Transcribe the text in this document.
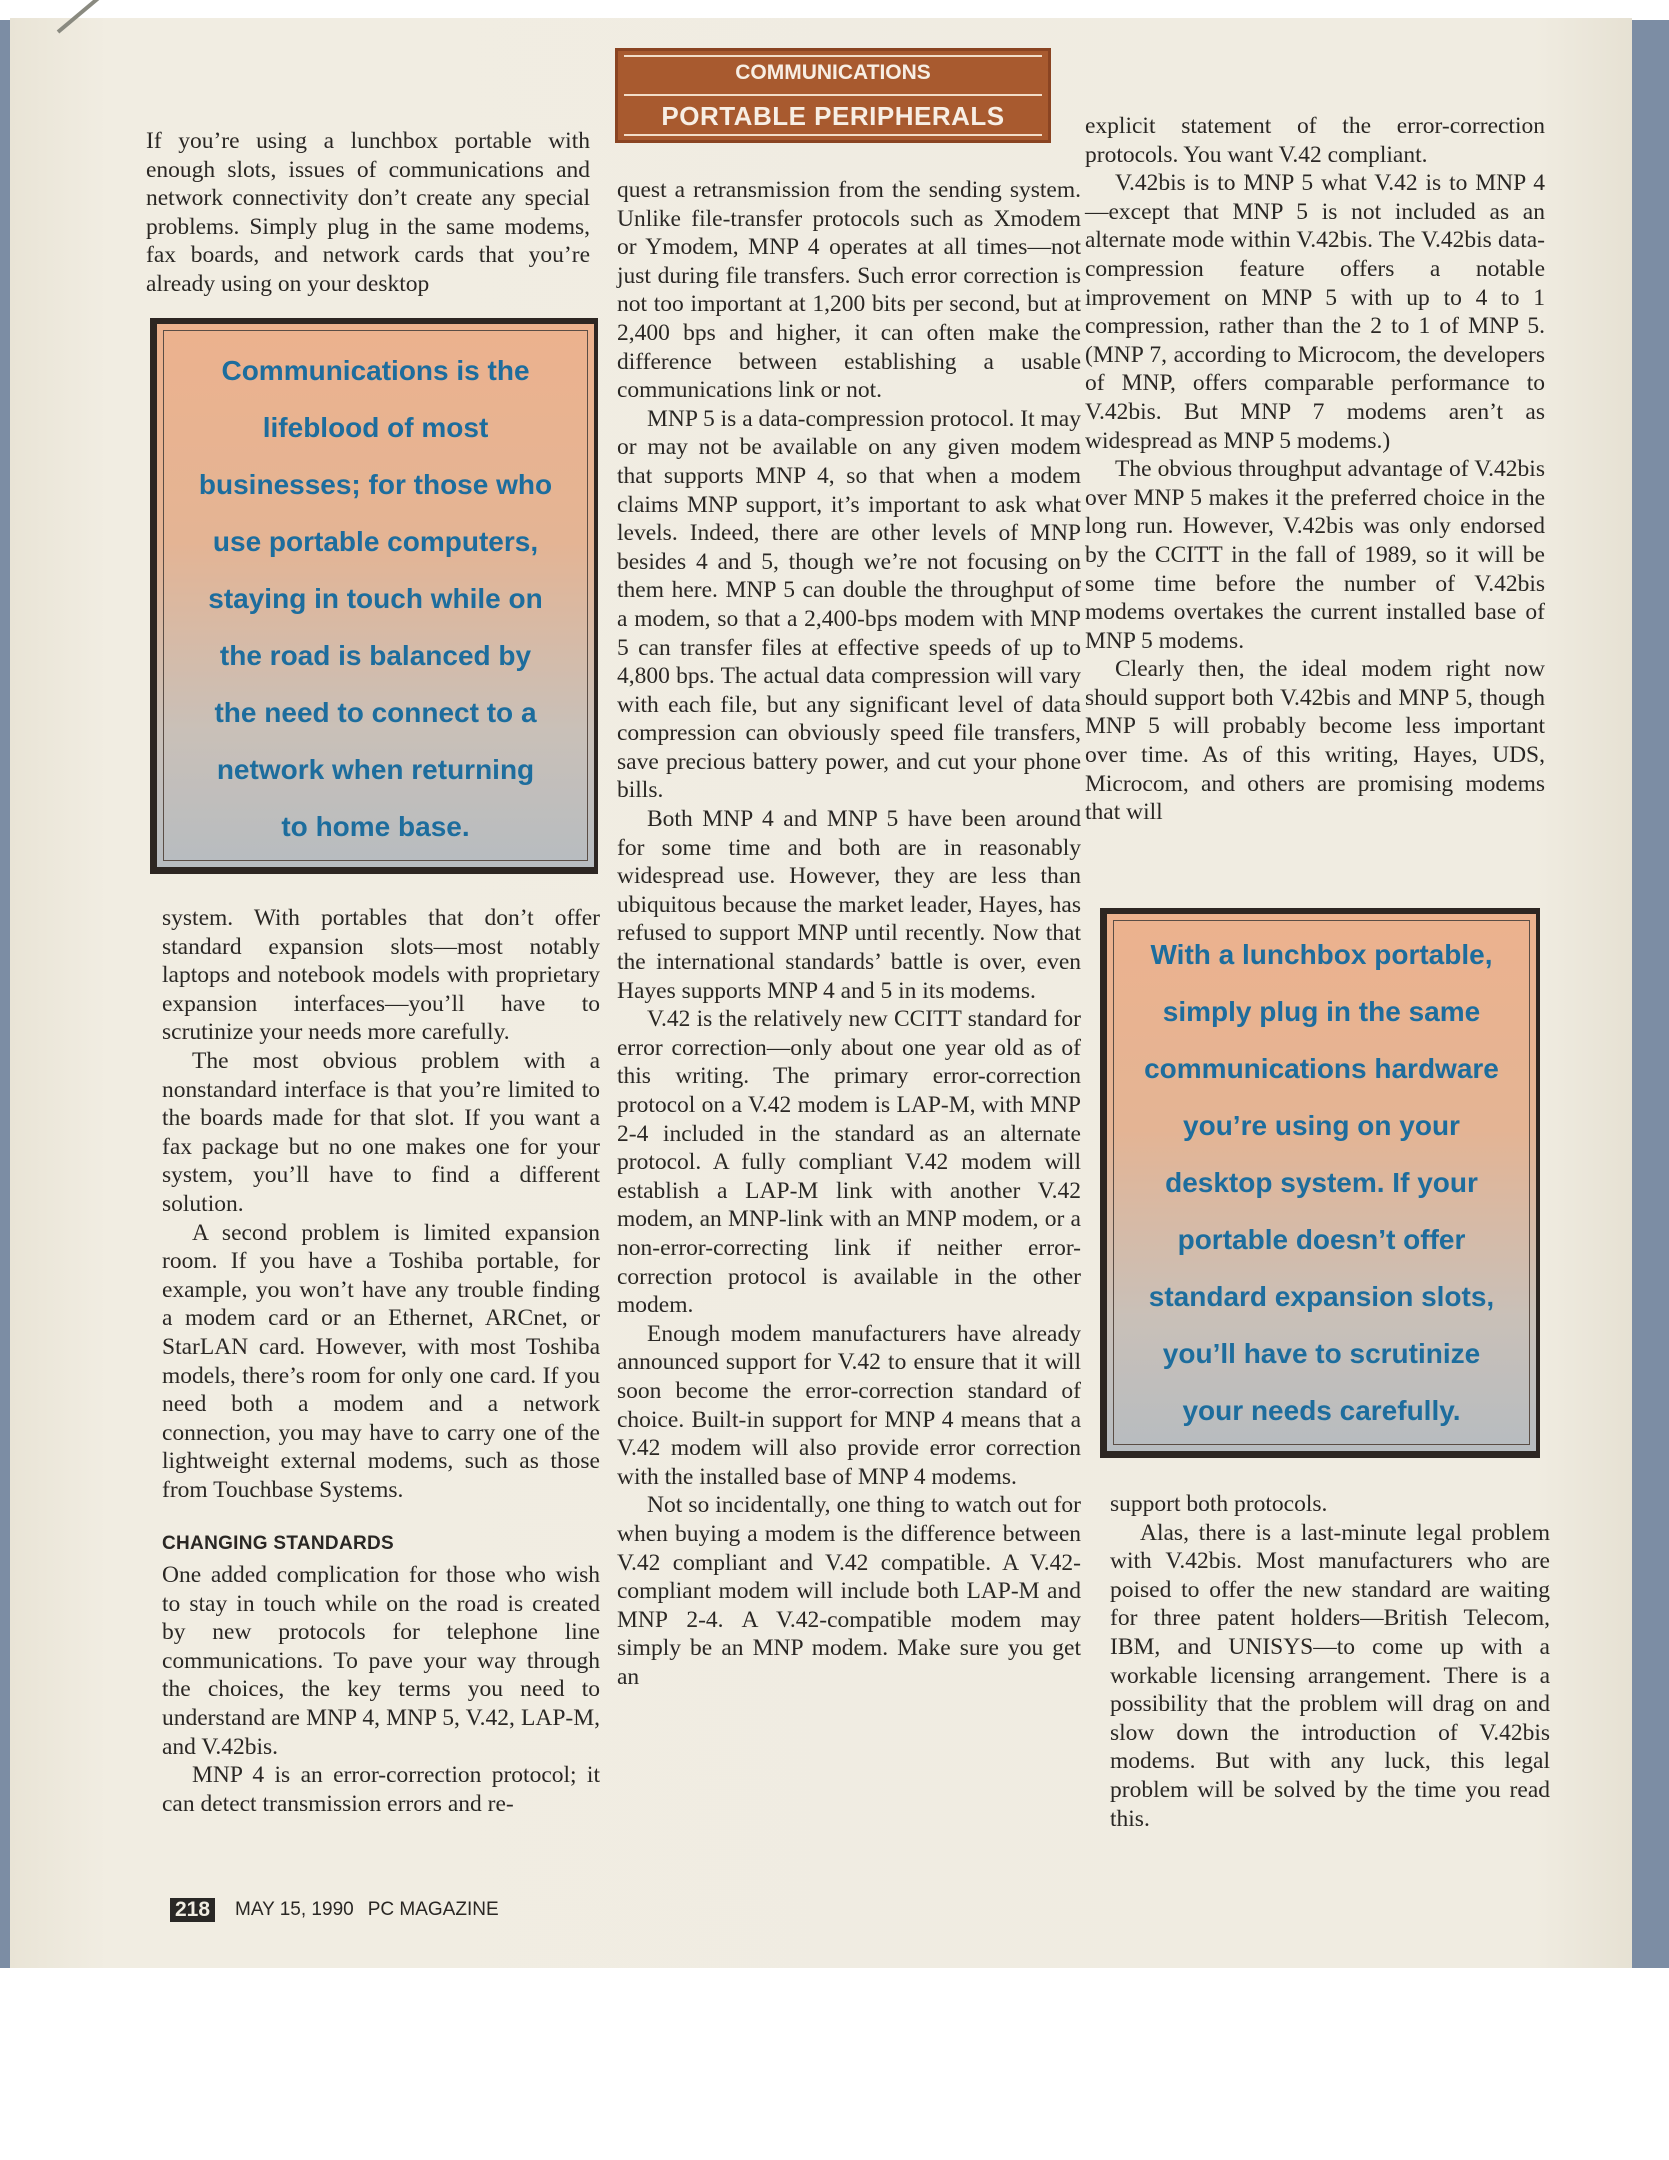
COMMUNICATIONS
PORTABLE PERIPHERALS

If you’re using a lunchbox portable with enough slots, issues of communications and network connectivity don’t create any special problems. Simply plug in the same modems, fax boards, and network cards that you’re already using on your desktop

Communications is the
lifeblood of most
businesses; for those who
use portable computers,
staying in touch while on
the road is balanced by
the need to connect to a
network when returning
to home base.

system. With portables that don’t offer standard expansion slots—most notably laptops and notebook models with proprietary expansion interfaces—you’ll have to scrutinize your needs more carefully.

The most obvious problem with a nonstandard interface is that you’re limited to the boards made for that slot. If you want a fax package but no one makes one for your system, you’ll have to find a different solution.

A second problem is limited expansion room. If you have a Toshiba portable, for example, you won’t have any trouble finding a modem card or an Ethernet, ARCnet, or StarLAN card. However, with most Toshiba models, there’s room for only one card. If you need both a modem and a network connection, you may have to carry one of the lightweight external modems, such as those from Touchbase Systems.

CHANGING STANDARDS

One added complication for those who wish to stay in touch while on the road is created by new protocols for telephone line communications. To pave your way through the choices, the key terms you need to understand are MNP 4, MNP 5, V.42, LAP-M, and V.42bis.

MNP 4 is an error-correction protocol; it can detect transmission errors and re-

quest a retransmission from the sending system. Unlike file-transfer protocols such as Xmodem or Ymodem, MNP 4 operates at all times—not just during file transfers. Such error correction is not too important at 1,200 bits per second, but at 2,400 bps and higher, it can often make the difference between establishing a usable communications link or not.

MNP 5 is a data-compression protocol. It may or may not be available on any given modem that supports MNP 4, so that when a modem claims MNP support, it’s important to ask what levels. Indeed, there are other levels of MNP besides 4 and 5, though we’re not focusing on them here. MNP 5 can double the throughput of a modem, so that a 2,400-bps modem with MNP 5 can transfer files at effective speeds of up to 4,800 bps. The actual data compression will vary with each file, but any significant level of data compression can obviously speed file transfers, save precious battery power, and cut your phone bills.

Both MNP 4 and MNP 5 have been around for some time and both are in reasonably widespread use. However, they are less than ubiquitous because the market leader, Hayes, has refused to support MNP until recently. Now that the international standards’ battle is over, even Hayes supports MNP 4 and 5 in its modems.

V.42 is the relatively new CCITT standard for error correction—only about one year old as of this writing. The primary error-correction protocol on a V.42 modem is LAP-M, with MNP 2-4 included in the standard as an alternate protocol. A fully compliant V.42 modem will establish a LAP-M link with another V.42 modem, an MNP-link with an MNP modem, or a non-error-correcting link if neither error-correction protocol is available in the other modem.

Enough modem manufacturers have already announced support for V.42 to ensure that it will soon become the error-correction standard of choice. Built-in support for MNP 4 means that a V.42 modem will also provide error correction with the installed base of MNP 4 modems.

Not so incidentally, one thing to watch out for when buying a modem is the difference between V.42 compliant and V.42 compatible. A V.42-compliant modem will include both LAP-M and MNP 2-4. A V.42-compatible modem may simply be an MNP modem. Make sure you get an

explicit statement of the error-correction protocols. You want V.42 compliant.

V.42bis is to MNP 5 what V.42 is to MNP 4—except that MNP 5 is not included as an alternate mode within V.42bis. The V.42bis data-compression feature offers a notable improvement on MNP 5 with up to 4 to 1 compression, rather than the 2 to 1 of MNP 5. (MNP 7, according to Microcom, the developers of MNP, offers comparable performance to V.42bis. But MNP 7 modems aren’t as widespread as MNP 5 modems.)

The obvious throughput advantage of V.42bis over MNP 5 makes it the preferred choice in the long run. However, V.42bis was only endorsed by the CCITT in the fall of 1989, so it will be some time before the number of V.42bis modems overtakes the current installed base of MNP 5 modems.

Clearly then, the ideal modem right now should support both V.42bis and MNP 5, though MNP 5 will probably become less important over time. As of this writing, Hayes, UDS, Microcom, and others are promising modems that will

With a lunchbox portable,
simply plug in the same
communications hardware
you’re using on your
desktop system. If your
portable doesn’t offer
standard expansion slots,
you’ll have to scrutinize
your needs carefully.

support both protocols.

Alas, there is a last-minute legal problem with V.42bis. Most manufacturers who are poised to offer the new standard are waiting for three patent holders—British Telecom, IBM, and UNISYS—to come up with a workable licensing arrangement. There is a possibility that the problem will drag on and slow down the introduction of V.42bis modems. But with any luck, this legal problem will be solved by the time you read this.

218 MAY 15, 1990 PC MAGAZINE
